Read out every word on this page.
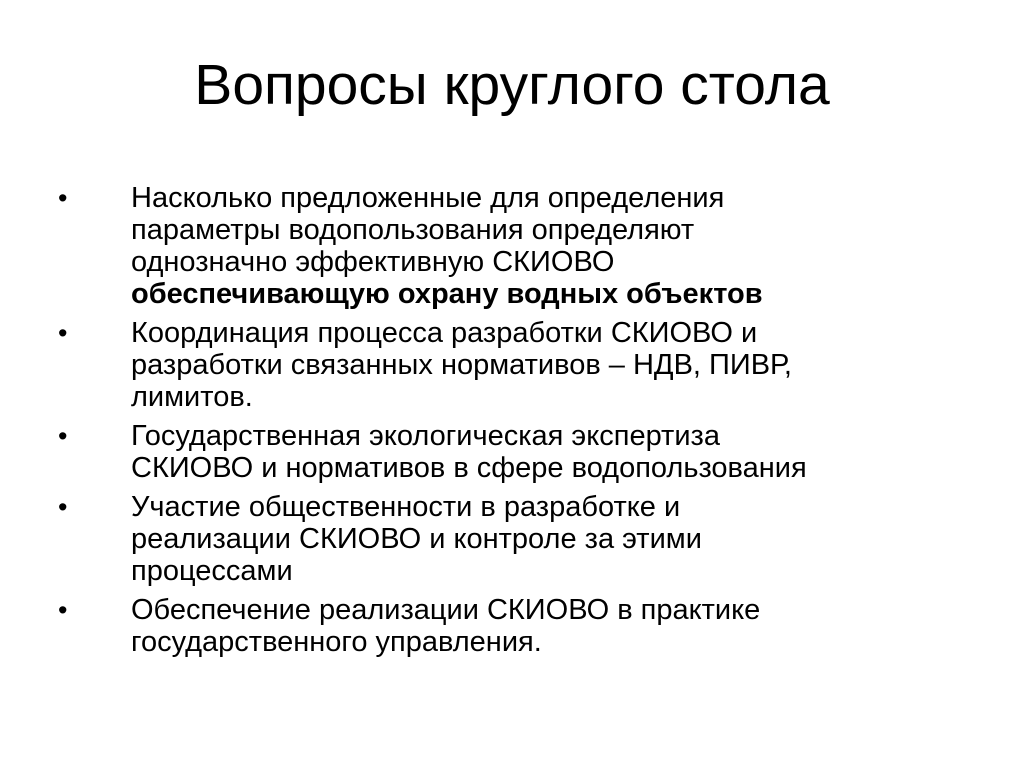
Вопросы круглого стола
•	Насколько предложенные для определения
параметры водопользования определяют
однозначно эффективную СКИОВО
обеспечивающую охрану водных объектов
•	Координация процесса разработки СКИОВО и
разработки связанных нормативов – НДВ, ПИВР,
лимитов.
•	Государственная экологическая экспертиза
СКИОВО и нормативов в сфере водопользования
•	Участие общественности в разработке и
реализации СКИОВО и контроле за этими
процессами
•	Обеспечение реализации СКИОВО в практике
государственного управления.
